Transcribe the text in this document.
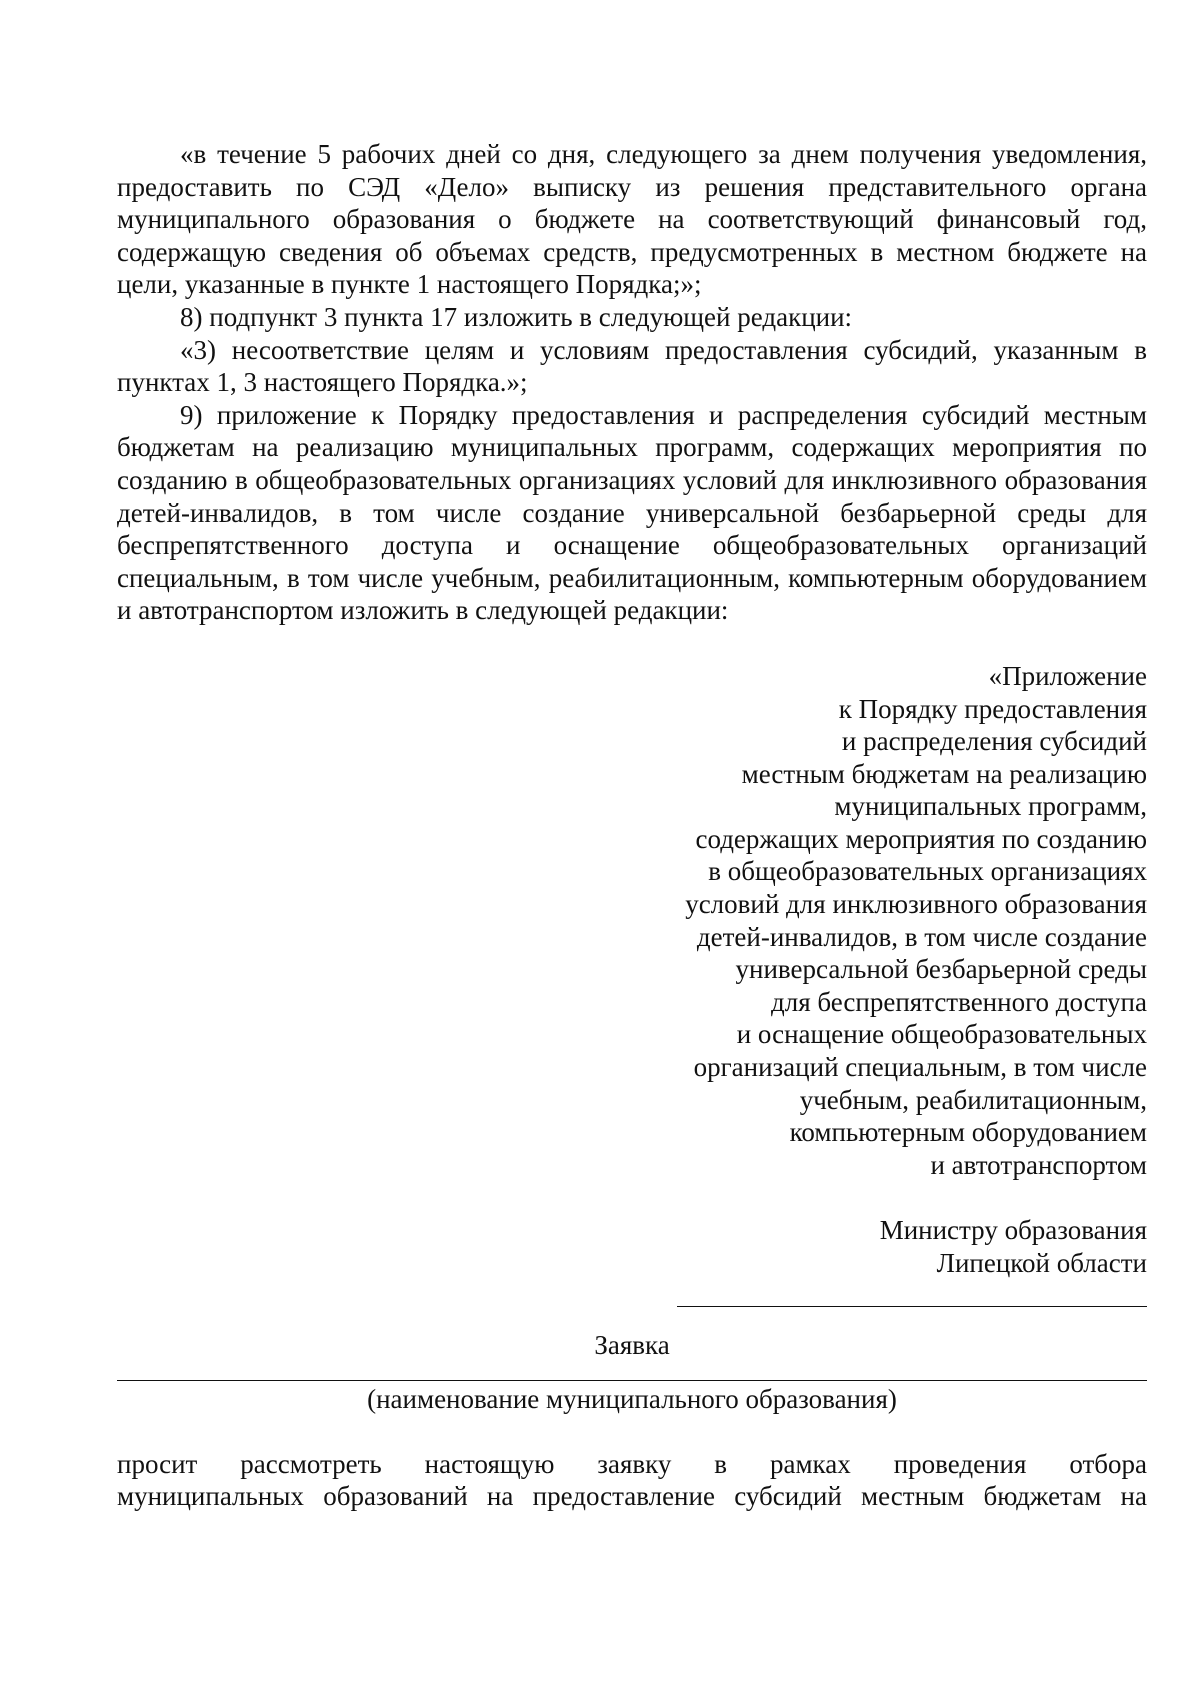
«в течение 5 рабочих дней со дня, следующего за днем получения уведомления, предоставить по СЭД «Дело» выписку из решения представительного органа муниципального образования о бюджете на соответствующий финансовый год, содержащую сведения об объемах средств, предусмотренных в местном бюджете на цели, указанные в пункте 1 настоящего Порядка;»;

8) подпункт 3 пункта 17 изложить в следующей редакции:

«3) несоответствие целям и условиям предоставления субсидий, указанным в пунктах 1, 3 настоящего Порядка.»;

9) приложение к Порядку предоставления и распределения субсидий местным бюджетам на реализацию муниципальных программ, содержащих мероприятия по созданию в общеобразовательных организациях условий для инклюзивного образования детей-инвалидов, в том числе создание универсальной безбарьерной среды для беспрепятственного доступа и оснащение общеобразовательных организаций специальным, в том числе учебным, реабилитационным, компьютерным оборудованием и автотранспортом изложить в следующей редакции:

«Приложение
к Порядку предоставления
и распределения субсидий
местным бюджетам на реализацию
муниципальных программ,
содержащих мероприятия по созданию
в общеобразовательных организациях
условий для инклюзивного образования
детей-инвалидов, в том числе создание
универсальной безбарьерной среды
для беспрепятственного доступа
и оснащение общеобразовательных
организаций специальным, в том числе
учебным, реабилитационным,
компьютерным оборудованием
и автотранспортом
Министру образования
Липецкой области
Заявка
(наименование муниципального образования)
просит рассмотреть настоящую заявку в рамках проведения отбора
муниципальных образований на предоставление субсидий местным бюджетам на
